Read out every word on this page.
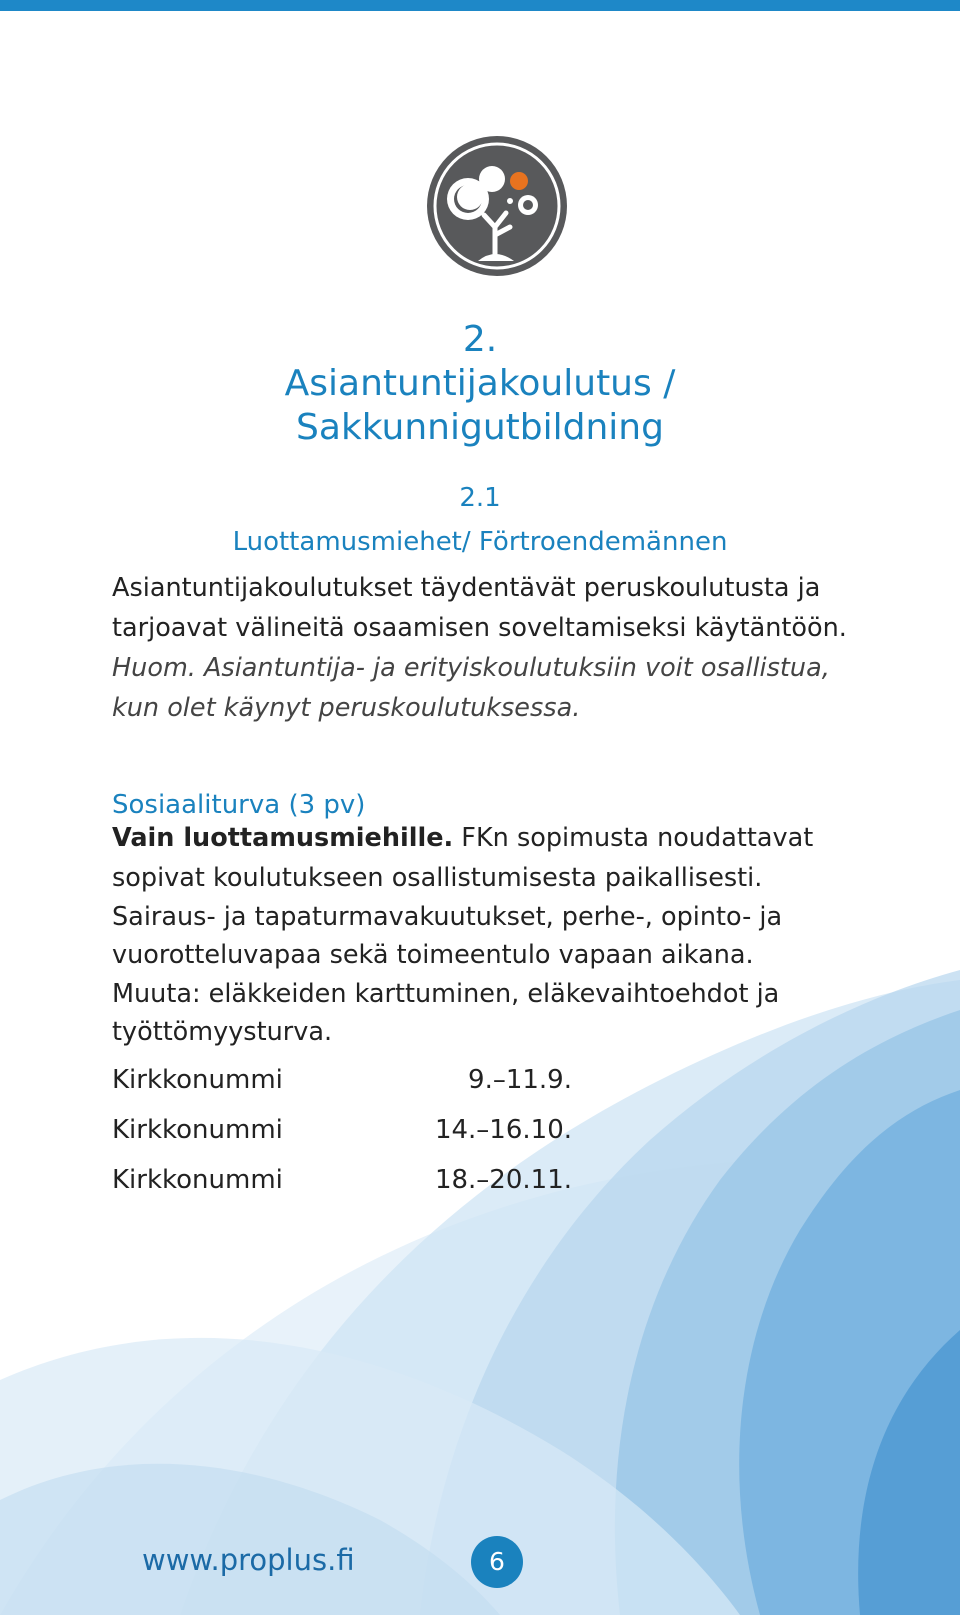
2.
Asiantuntijakoulutus /
Sakkunnigutbildning
2.1
Luottamusmiehet/ Förtroendemännen
Asiantuntijakoulutukset täydentävät peruskoulutusta ja
tarjoavat välineitä osaamisen soveltamiseksi käytäntöön.
Huom. Asiantuntija- ja erityiskoulutuksiin voit osallistua,
kun olet käynyt peruskoulutuksessa.
Sosiaaliturva (3 pv)
Vain luottamusmiehille. FKn sopimusta noudattavat
sopivat koulutukseen osallistumisesta paikallisesti.
Sairaus- ja tapaturmavakuutukset, perhe-, opinto- ja
vuorotteluvapaa sekä toimeentulo vapaan aikana.
Muuta: eläkkeiden karttuminen, eläkevaihtoehdot ja
työttömyysturva.
Kirkkonummi	9.–11.9.
Kirkkonummi	14.–16.10.
Kirkkonummi	18.–20.11.
www.proplus.fi	6
